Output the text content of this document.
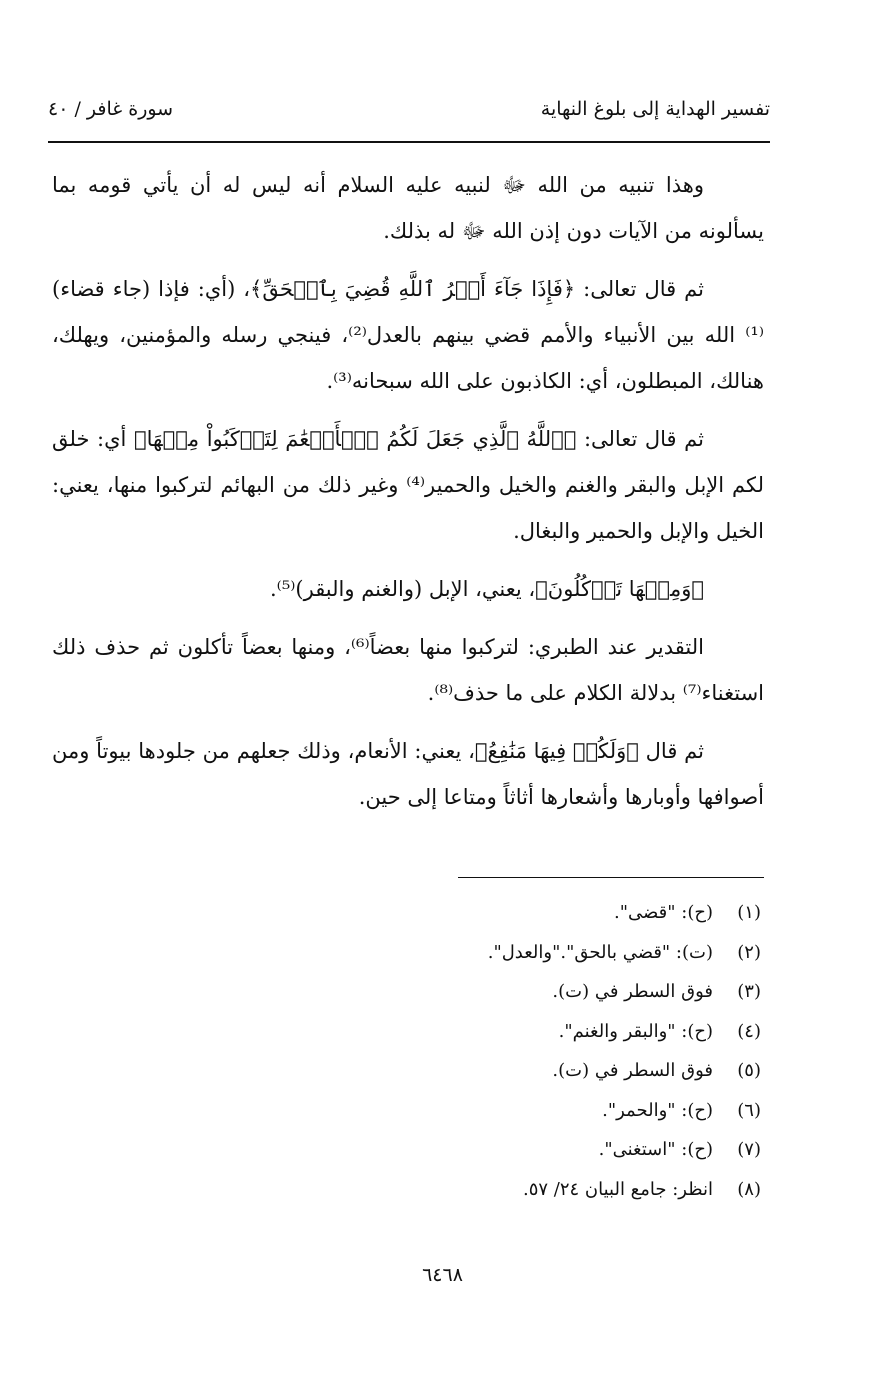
تفسير الهداية إلى بلوغ النهاية
سورة غافر / ٤٠

وهذا تنبيه من الله ﷻ لنبيه عليه السلام أنه ليس له أن يأتي قومه بما يسألونه من الآيات دون إذن الله ﷻ له بذلك.

ثم قال تعالى: ﴿فَإِذَا جَآءَ أَمۡرُ ٱللَّهِ قُضِيَ بِٱلۡحَقِّ﴾، (أي: فإذا (جاء قضاء)⁽¹⁾ الله بين الأنبياء والأمم قضي بينهم بالعدل⁽²⁾، فينجي رسله والمؤمنين، ويهلك، هنالك، المبطلون، أي: الكاذبون على الله سبحانه⁽³⁾.

ثم قال تعالى: ﴿ٱللَّهُ ٱلَّذِي جَعَلَ لَكُمُ ٱلۡأَنۡعَٰمَ لِتَرۡكَبُواْ مِنۡهَا﴾ أي: خلق لكم الإبل والبقر والغنم والخيل والحمير⁽⁴⁾ وغير ذلك من البهائم لتركبوا منها، يعني: الخيل والإبل والحمير والبغال.

﴿وَمِنۡهَا تَأۡكُلُونَ﴾، يعني، الإبل (والغنم والبقر)⁽⁵⁾.

التقدير عند الطبري: لتركبوا منها بعضاً⁽⁶⁾، ومنها بعضاً تأكلون ثم حذف ذلك استغناء⁽⁷⁾ بدلالة الكلام على ما حذف⁽⁸⁾.

ثم قال ﴿وَلَكُمۡ فِيهَا مَنَٰفِعُ﴾، يعني: الأنعام، وذلك جعلهم من جلودها بيوتاً ومن أصوافها وأوبارها وأشعارها أثاثاً ومتاعا إلى حين.

(١)
(ح): "قضى".
(٢)
(ت): "قضي بالحق"."والعدل".
(٣)
فوق السطر في (ت).
(٤)
(ح): "والبقر والغنم".
(٥)
فوق السطر في (ت).
(٦)
(ح): "والحمر".
(٧)
(ح): "استغنى".
(٨)
انظر: جامع البيان ٢٤/ ٥٧.
٦٤٦٨
